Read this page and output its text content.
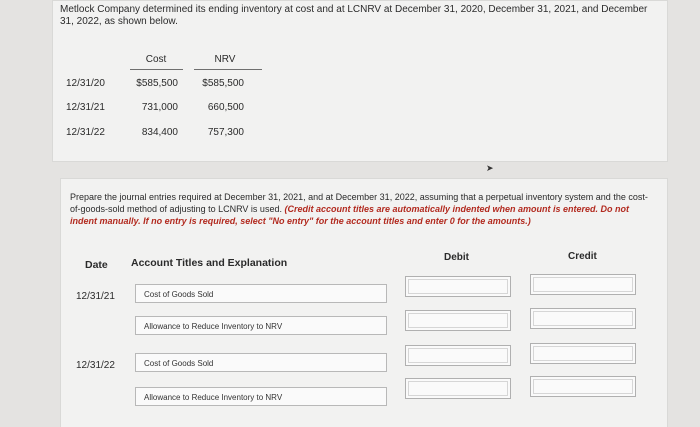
Metlock Company determined its ending inventory at cost and at LCNRV at December 31, 2020, December 31, 2021, and December 31, 2022, as shown below.
Cost	NRV
12/31/20	$585,500	$585,500
12/31/21	731,000	660,500
12/31/22	834,400	757,300
➤
Prepare the journal entries required at December 31, 2021, and at December 31, 2022, assuming that a perpetual inventory system and the cost-of-goods-sold method of adjusting to LCNRV is used. (Credit account titles are automatically indented when amount is entered. Do not indent manually. If no entry is required, select "No entry" for the account titles and enter 0 for the amounts.)
Date Account Titles and Explanation	Debit	Credit
12/31/21	Cost of Goods Sold
Allowance to Reduce Inventory to NRV
12/31/22	Cost of Goods Sold
Allowance to Reduce Inventory to NRV
